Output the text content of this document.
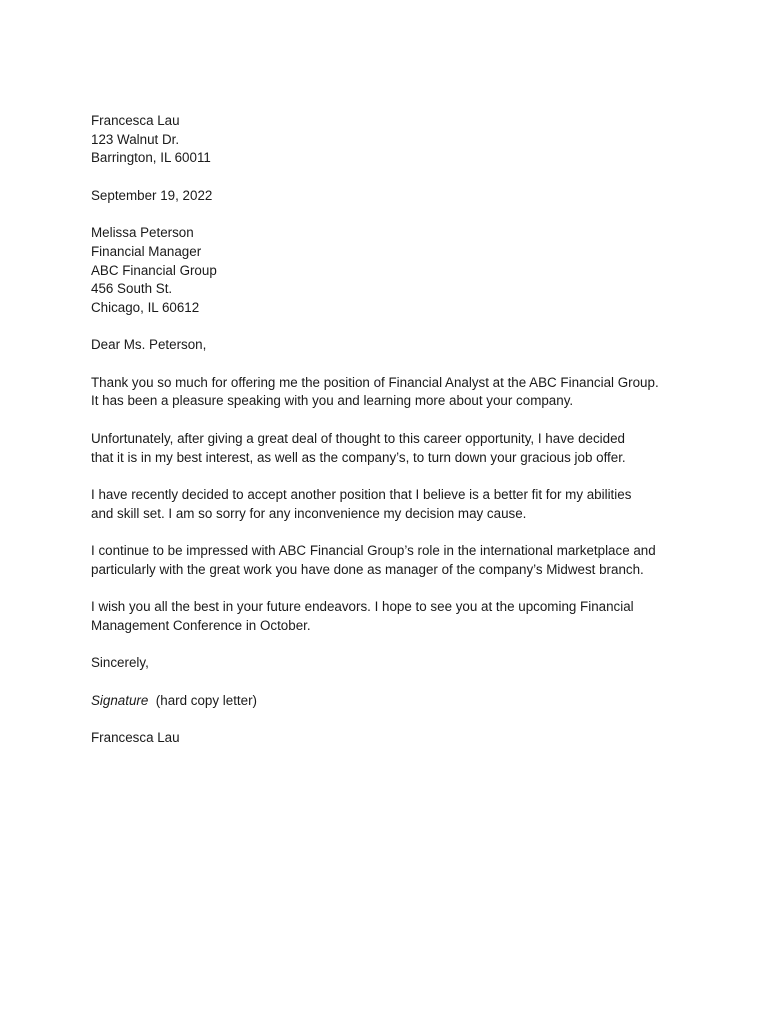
Francesca Lau
123 Walnut Dr.
Barrington, IL 60011
September 19, 2022
Melissa Peterson
Financial Manager
ABC Financial Group
456 South St.
Chicago, IL 60612
Dear Ms. Peterson,
Thank you so much for offering me the position of Financial Analyst at the ABC Financial Group.
It has been a pleasure speaking with you and learning more about your company.
Unfortunately, after giving a great deal of thought to this career opportunity, I have decided
that it is in my best interest, as well as the company’s, to turn down your gracious job offer.
I have recently decided to accept another position that I believe is a better fit for my abilities
and skill set. I am so sorry for any inconvenience my decision may cause.
I continue to be impressed with ABC Financial Group’s role in the international marketplace and
particularly with the great work you have done as manager of the company’s Midwest branch.
I wish you all the best in your future endeavors. I hope to see you at the upcoming Financial
Management Conference in October.
Sincerely,
Signature (hard copy letter)
Francesca Lau
